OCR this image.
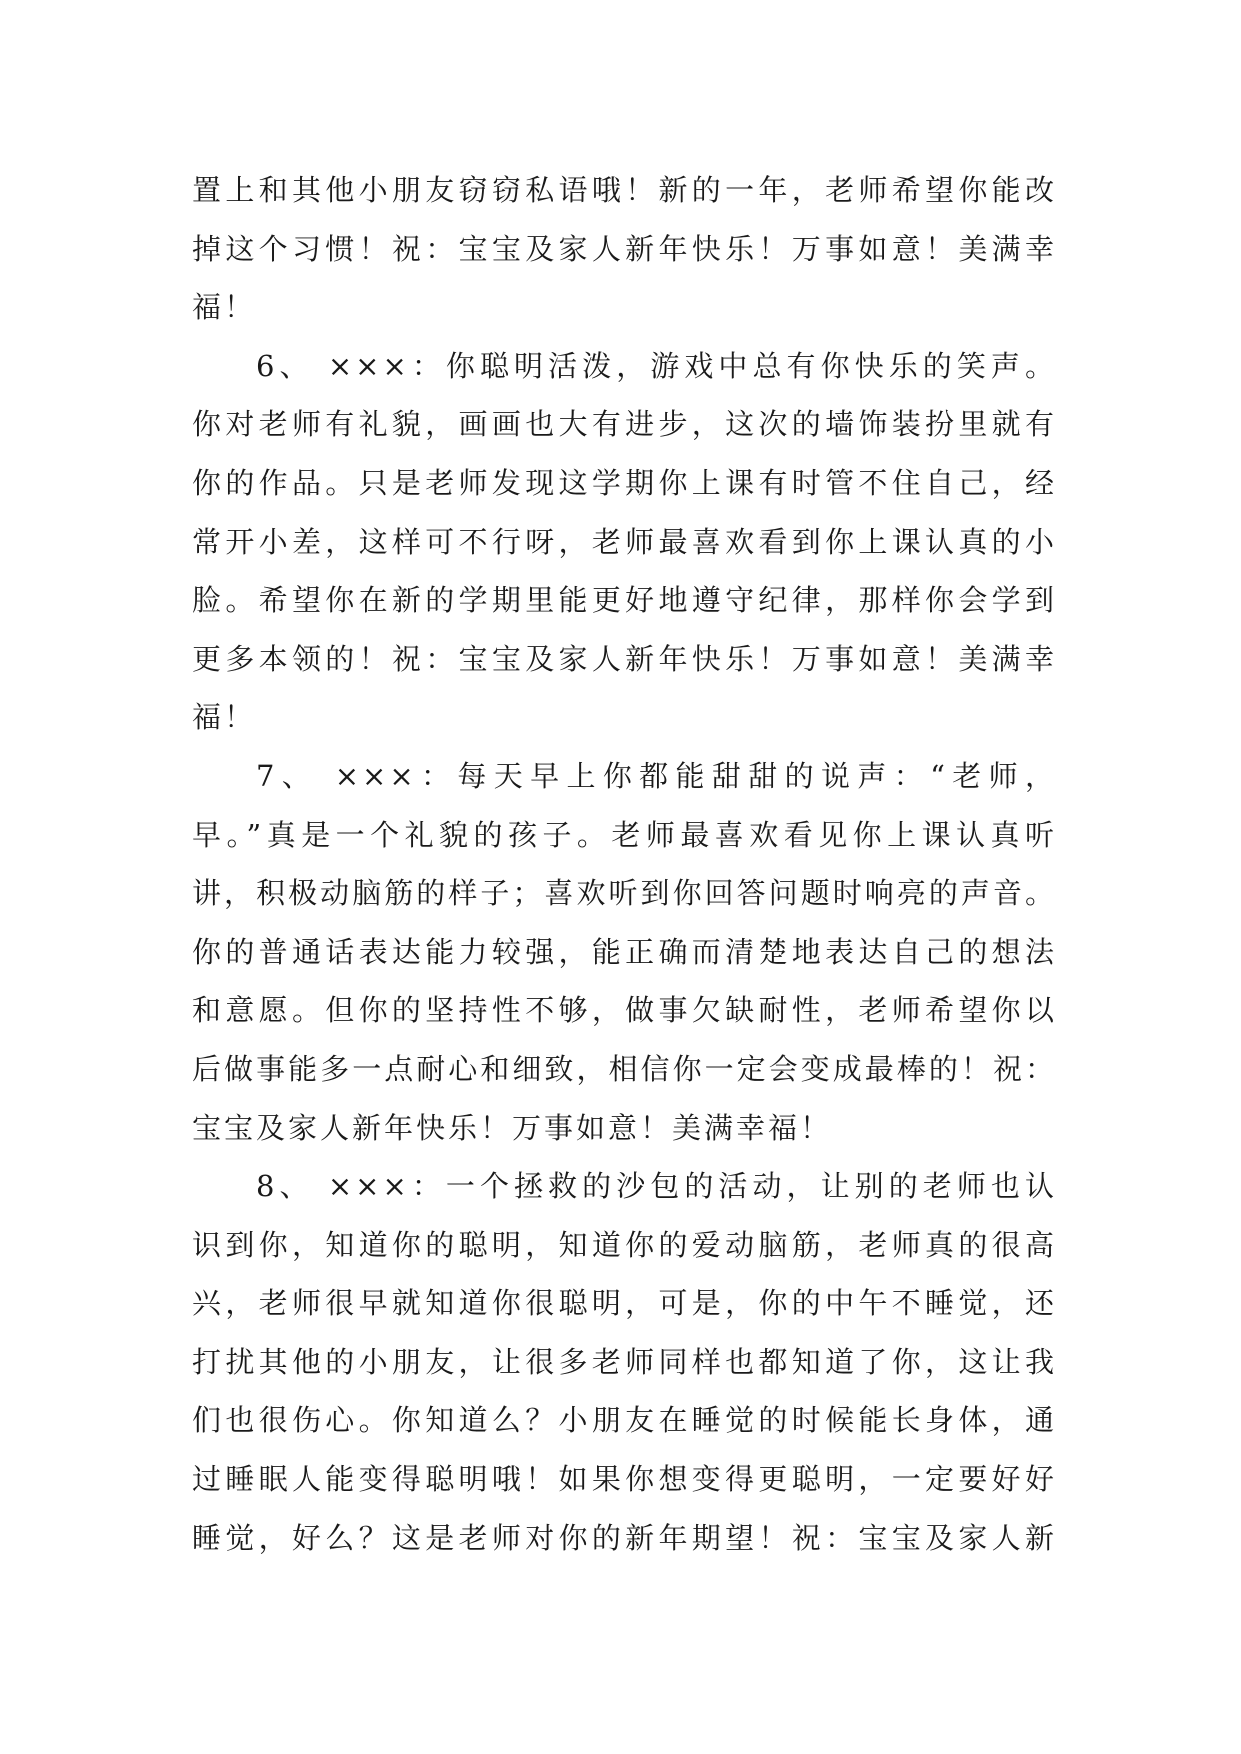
置上和其他小朋友窃窃私语哦！新的一年，老师希望你能改
掉这个习惯！祝：宝宝及家人新年快乐！万事如意！美满幸
福！
6、 ×××：你聪明活泼，游戏中总有你快乐的笑声。
你对老师有礼貌，画画也大有进步，这次的墙饰装扮里就有
你的作品。只是老师发现这学期你上课有时管不住自己，经
常开小差，这样可不行呀，老师最喜欢看到你上课认真的小
脸。希望你在新的学期里能更好地遵守纪律，那样你会学到
更多本领的！祝：宝宝及家人新年快乐！万事如意！美满幸
福！
7、 ×××：每天早上你都能甜甜的说声：“老师，
早。”真是一个礼貌的孩子。老师最喜欢看见你上课认真听
讲，积极动脑筋的样子；喜欢听到你回答问题时响亮的声音。
你的普通话表达能力较强，能正确而清楚地表达自己的想法
和意愿。但你的坚持性不够，做事欠缺耐性，老师希望你以
后做事能多一点耐心和细致，相信你一定会变成最棒的！祝：
宝宝及家人新年快乐！万事如意！美满幸福！
8、 ×××：一个拯救的沙包的活动，让别的老师也认
识到你，知道你的聪明，知道你的爱动脑筋，老师真的很高
兴，老师很早就知道你很聪明，可是，你的中午不睡觉，还
打扰其他的小朋友，让很多老师同样也都知道了你，这让我
们也很伤心。你知道么？小朋友在睡觉的时候能长身体，通
过睡眠人能变得聪明哦！如果你想变得更聪明，一定要好好
睡觉，好么？这是老师对你的新年期望！祝：宝宝及家人新
